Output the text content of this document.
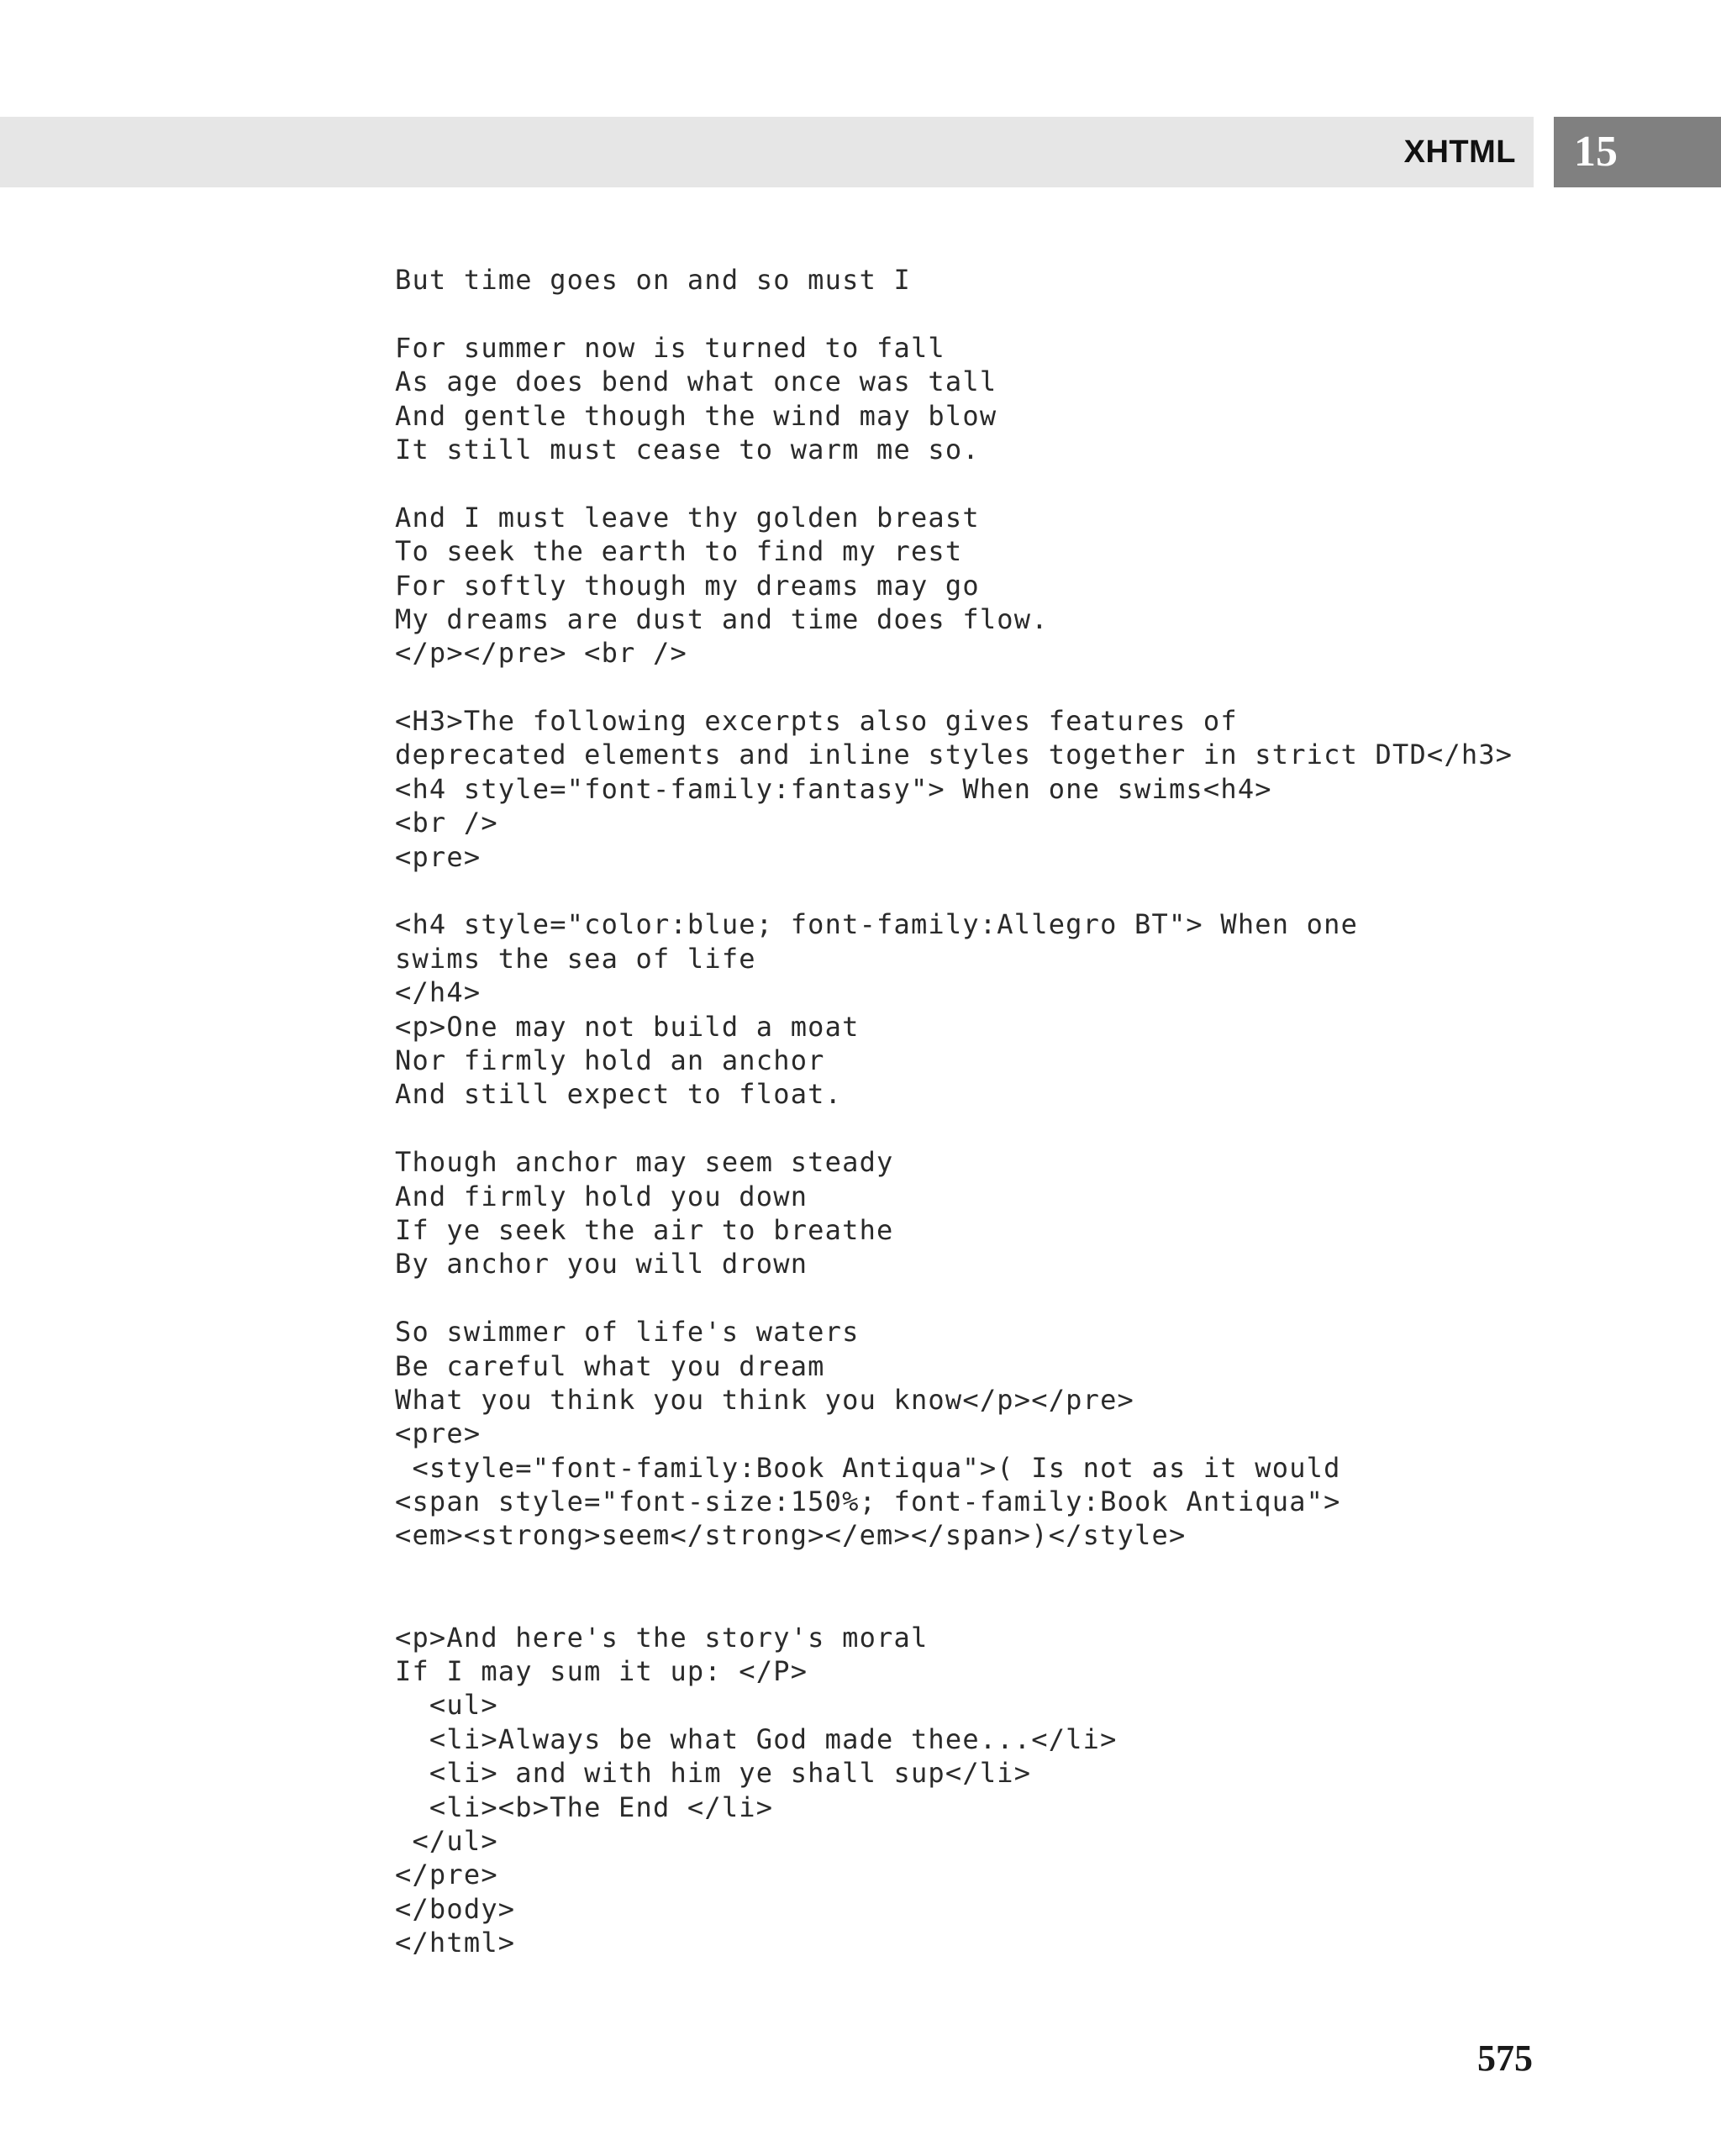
XHTML 15
But time goes on and so must I
For summer now is turned to fall
As age does bend what once was tall
And gentle though the wind may blow
It still must cease to warm me so.
And I must leave thy golden breast
To seek the earth to find my rest
For softly though my dreams may go
My dreams are dust and time does flow.
</p></pre> <br />
<H3>The following excerpts also gives features of
deprecated elements and inline styles together in strict DTD</h3>
<h4 style="font-family:fantasy"> When one swims<h4>
<br />
<pre>
<h4 style="color:blue; font-family:Allegro BT"> When one
swims the sea of life
</h4>
<p>One may not build a moat
Nor firmly hold an anchor
And still expect to float.
Though anchor may seem steady
And firmly hold you down
If ye seek the air to breathe
By anchor you will drown
So swimmer of life's waters
Be careful what you dream
What you think you think you know</p></pre>
<pre>
<style="font-family:Book Antiqua">( Is not as it would
<span style="font-size:150%; font-family:Book Antiqua">
<em><strong>seem</strong></em></span>)</style>
<p>And here's the story's moral
If I may sum it up: </P>
<ul>
<li>Always be what God made thee...</li>
<li> and with him ye shall sup</li>
<li><b>The End </li>
</ul>
</pre>
</body>
</html>
575
